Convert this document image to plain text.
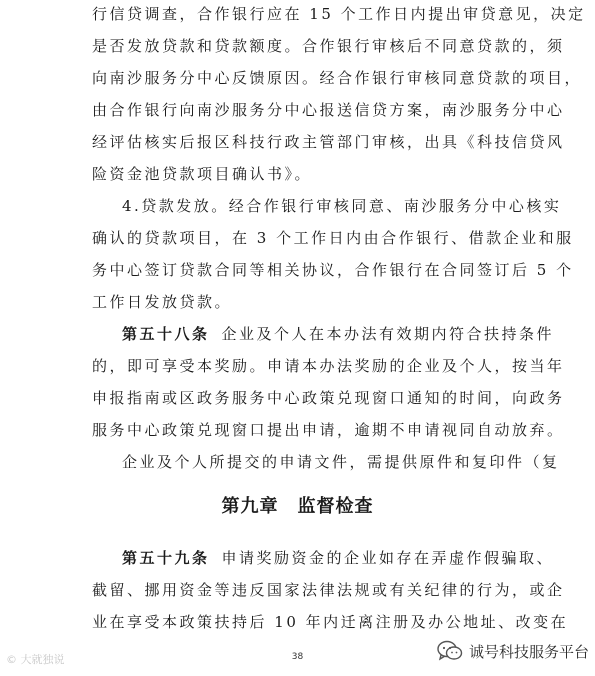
行信贷调查，合作银行应在 15 个工作日内提出审贷意见，决定
是否发放贷款和贷款额度。合作银行审核后不同意贷款的，须
向南沙服务分中心反馈原因。经合作银行审核同意贷款的项目，
由合作银行向南沙服务分中心报送信贷方案，南沙服务分中心
经评估核实后报区科技行政主管部门审核，出具《科技信贷风
险资金池贷款项目确认书》。
4.贷款发放。经合作银行审核同意、南沙服务分中心核实
确认的贷款项目，在 3 个工作日内由合作银行、借款企业和服
务中心签订贷款合同等相关协议，合作银行在合同签订后 5 个
工作日发放贷款。
第五十八条 企业及个人在本办法有效期内符合扶持条件
的，即可享受本奖励。申请本办法奖励的企业及个人，按当年
申报指南或区政务服务中心政策兑现窗口通知的时间，向政务
服务中心政策兑现窗口提出申请，逾期不申请视同自动放弃。
企业及个人所提交的申请文件，需提供原件和复印件（复
第九章　监督检查
第五十九条 申请奖励资金的企业如存在弄虚作假骗取、
截留、挪用资金等违反国家法律法规或有关纪律的行为，或企
业在享受本政策扶持后 10 年内迁离注册及办公地址、改变在
38
© 大就独说	诚号科技服务平台
